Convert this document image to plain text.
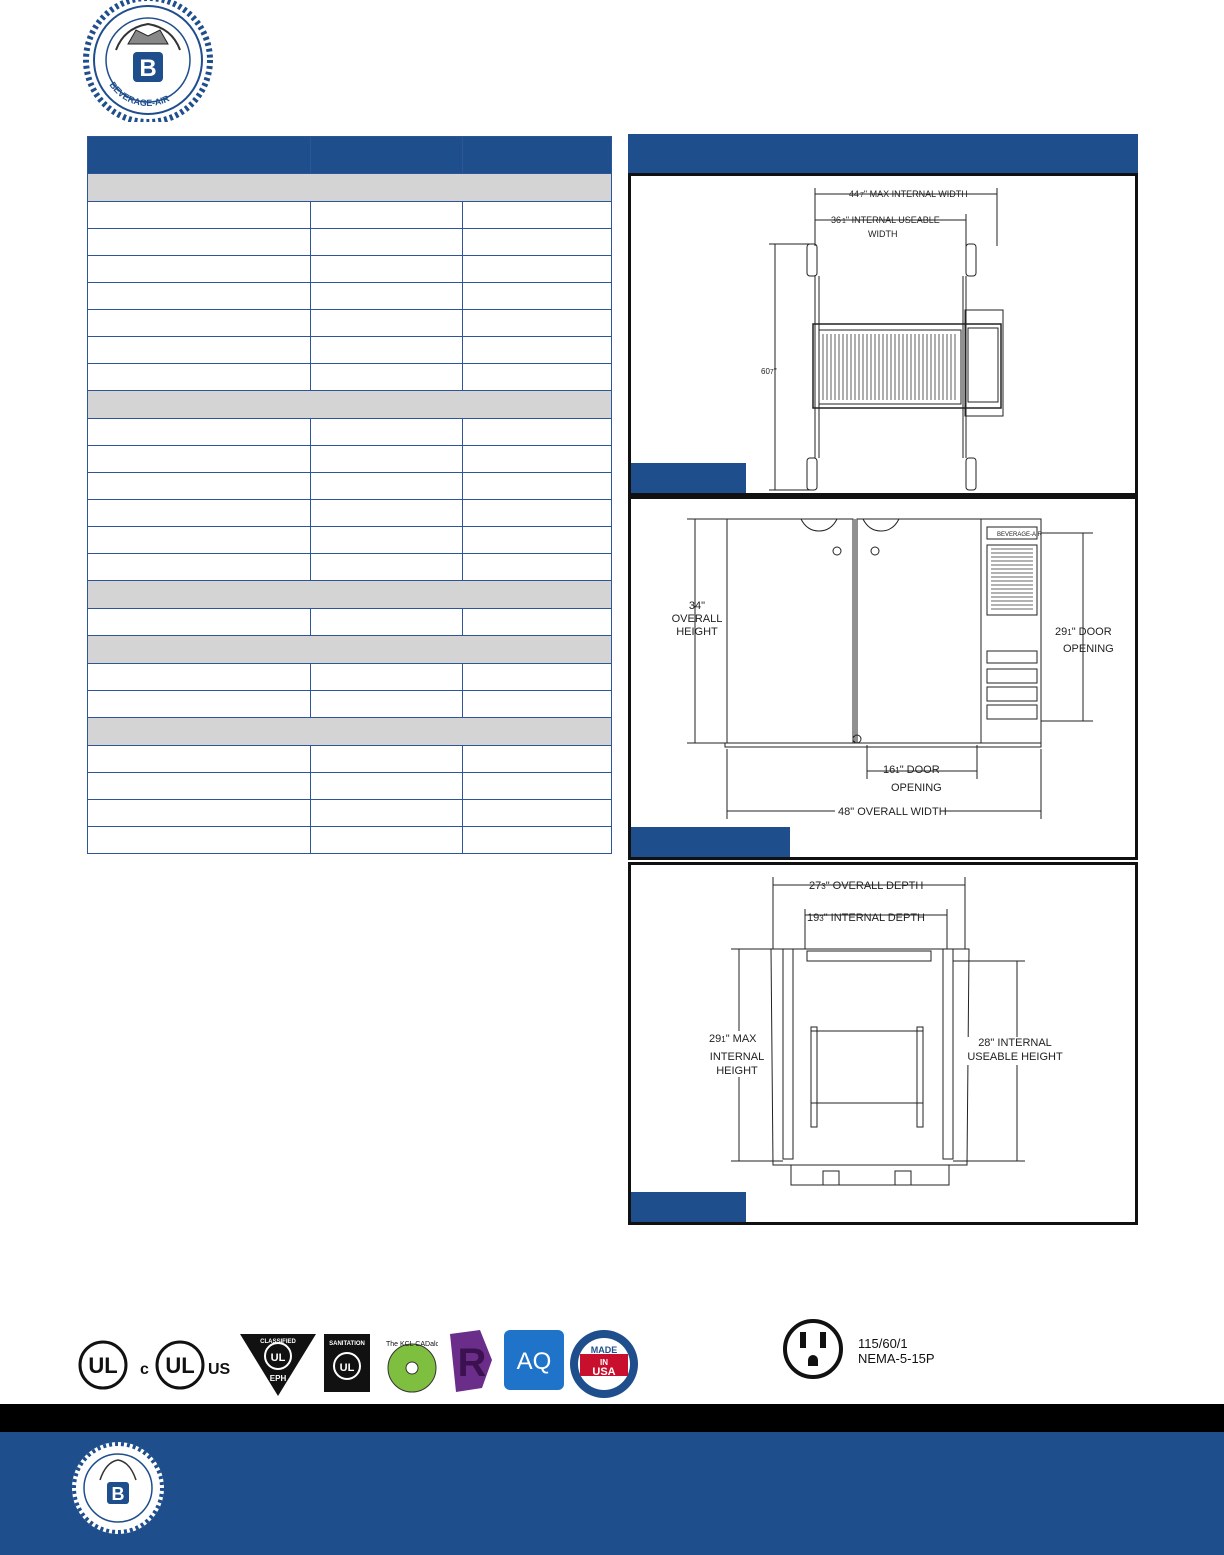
B
BEVERAGE-AIR

447" MAX INTERNAL WIDTH
361" INTERNAL USEABLE
WIDTH
607"
BEVERAGE-AIR
34" OVERALL HEIGHT	291" DOOR
OPENING
161" DOOR
OPENING
48" OVERALL WIDTH
273" OVERALL DEPTH
193" INTERNAL DEPTH
291" MAX
INTERNAL
HEIGHT
28" INTERNAL
USEABLE HEIGHT
UL c UL US
UL
CLASSIFIED
EPH
SANITATION
UL
The KCL CADalog R AQ	MADE
IN
USA
115/60/1
NEMA-5-15P
B
